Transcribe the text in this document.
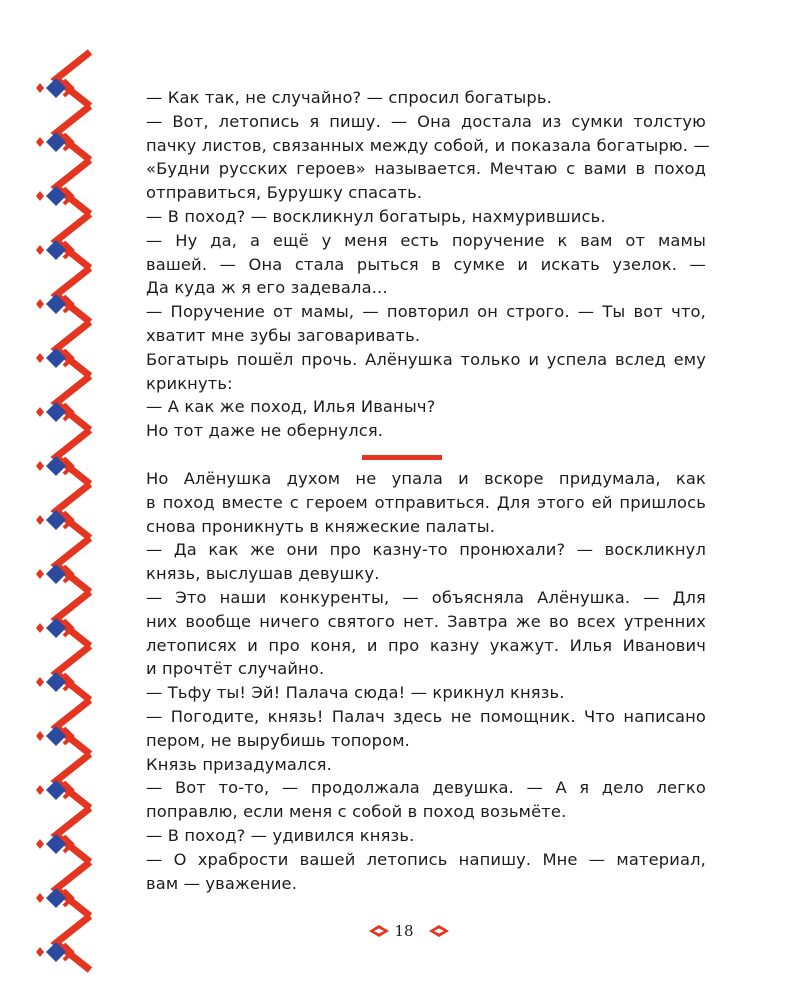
— Как так, не случайно? — спросил богатырь.
— Вот, летопись я пишу. — Она достала из сумки толстую
пачку листов, связанных между собой, и показала богатырю. —
«Будни русских героев» называется. Мечтаю с вами в поход
отправиться, Бурушку спасать.
— В поход? — воскликнул богатырь, нахмурившись.
— Ну да, а ещё у меня есть поручение к вам от мамы
вашей. — Она стала рыться в сумке и искать узелок. —
Да куда ж я его задевала...
— Поручение от мамы, — повторил он строго. — Ты вот что,
хватит мне зубы заговаривать.
Богатырь пошёл прочь. Алёнушка только и успела вслед ему
крикнуть:
— А как же поход, Илья Иваныч?
Но тот даже не обернулся.
Но Алёнушка духом не упала и вскоре придумала, как
в поход вместе с героем отправиться. Для этого ей пришлось
снова проникнуть в княжеские палаты.
— Да как же они про казну-то пронюхали? — воскликнул
князь, выслушав девушку.
— Это наши конкуренты, — объясняла Алёнушка. — Для
них вообще ничего святого нет. Завтра же во всех утренних
летописях и про коня, и про казну укажут. Илья Иванович
и прочтёт случайно.
— Тьфу ты! Эй! Палача сюда! — крикнул князь.
— Погодите, князь! Палач здесь не помощник. Что написано
пером, не вырубишь топором.
Князь призадумался.
— Вот то-то, — продолжала девушка. — А я дело легко
поправлю, если меня с собой в поход возьмёте.
— В поход? — удивился князь.
— О храбрости вашей летопись напишу. Мне — материал,
вам — уважение.
18
